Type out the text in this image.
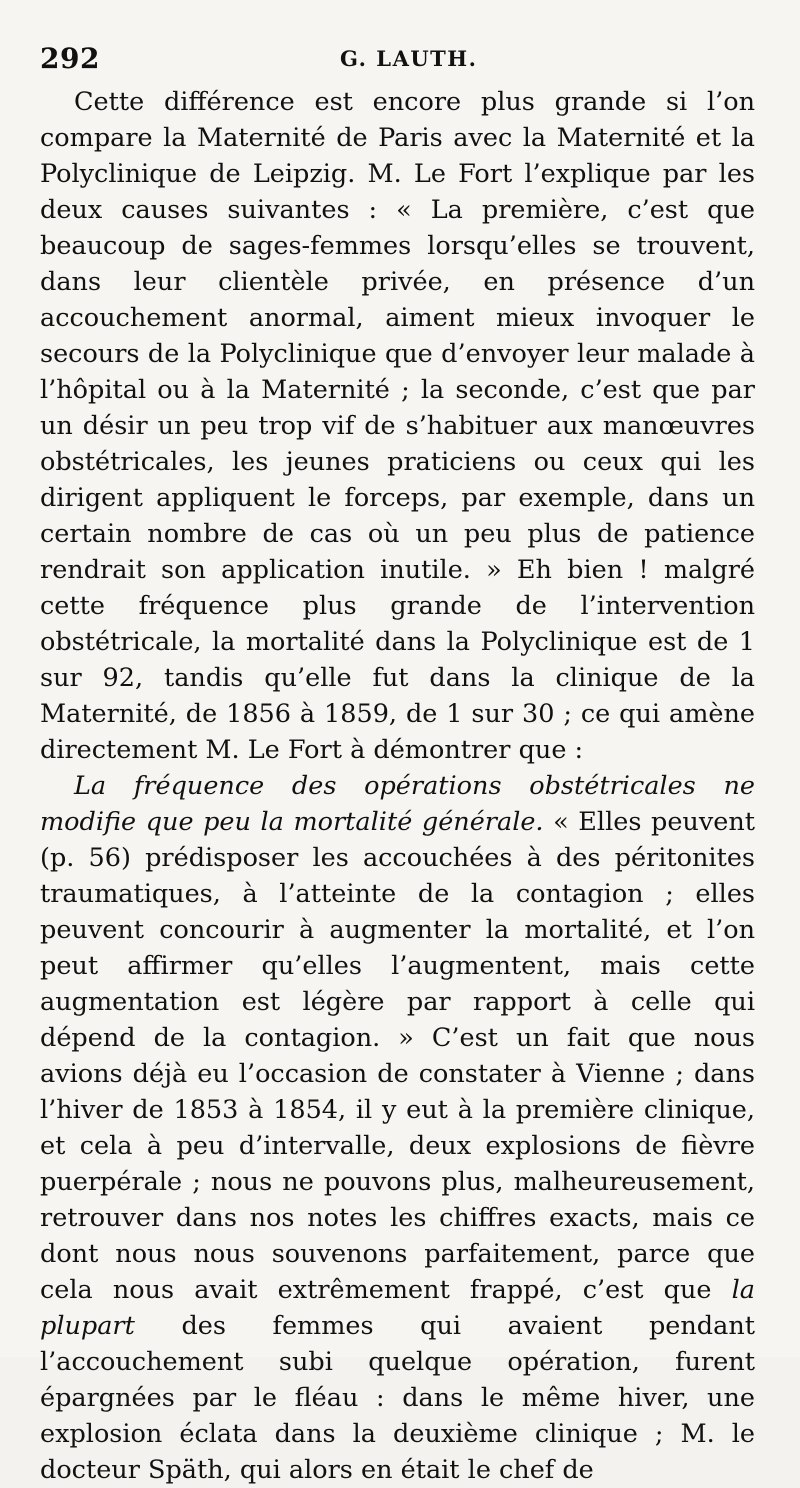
292	G. LAUTH.

Cette différence est encore plus grande si l’on compare la Maternité de Paris avec la Maternité et la Polyclinique de Leipzig. M. Le Fort l’explique par les deux causes suivantes : « La première, c’est que beaucoup de sages-femmes lorsqu’elles se trouvent, dans leur clientèle privée, en présence d’un accouchement anormal, aiment mieux invoquer le secours de la Polyclinique que d’envoyer leur malade à l’hôpital ou à la Maternité ; la seconde, c’est que par un désir un peu trop vif de s’habituer aux manœuvres obstétricales, les jeunes praticiens ou ceux qui les dirigent appliquent le forceps, par exemple, dans un certain nombre de cas où un peu plus de patience rendrait son application inutile. » Eh bien ! malgré cette fréquence plus grande de l’intervention obstétricale, la mortalité dans la Polyclinique est de 1 sur 92, tandis qu’elle fut dans la clinique de la Maternité, de 1856 à 1859, de 1 sur 30 ; ce qui amène directement M. Le Fort à démontrer que :

La fréquence des opérations obstétricales ne modifie que peu la mortalité générale. « Elles peuvent (p. 56) prédisposer les accouchées à des péritonites traumatiques, à l’atteinte de la contagion ; elles peuvent concourir à augmenter la mortalité, et l’on peut affirmer qu’elles l’augmentent, mais cette augmentation est légère par rapport à celle qui dépend de la contagion. » C’est un fait que nous avions déjà eu l’occasion de constater à Vienne ; dans l’hiver de 1853 à 1854, il y eut à la première clinique, et cela à peu d’intervalle, deux explosions de fièvre puerpérale ; nous ne pouvons plus, malheureusement, retrouver dans nos notes les chiffres exacts, mais ce dont nous nous souvenons parfaitement, parce que cela nous avait extrêmement frappé, c’est que la plupart des femmes qui avaient pendant l’accouchement subi quelque opération, furent épargnées par le fléau : dans le même hiver, une explosion éclata dans la deuxième clinique ; M. le docteur Späth, qui alors en était le chef de
